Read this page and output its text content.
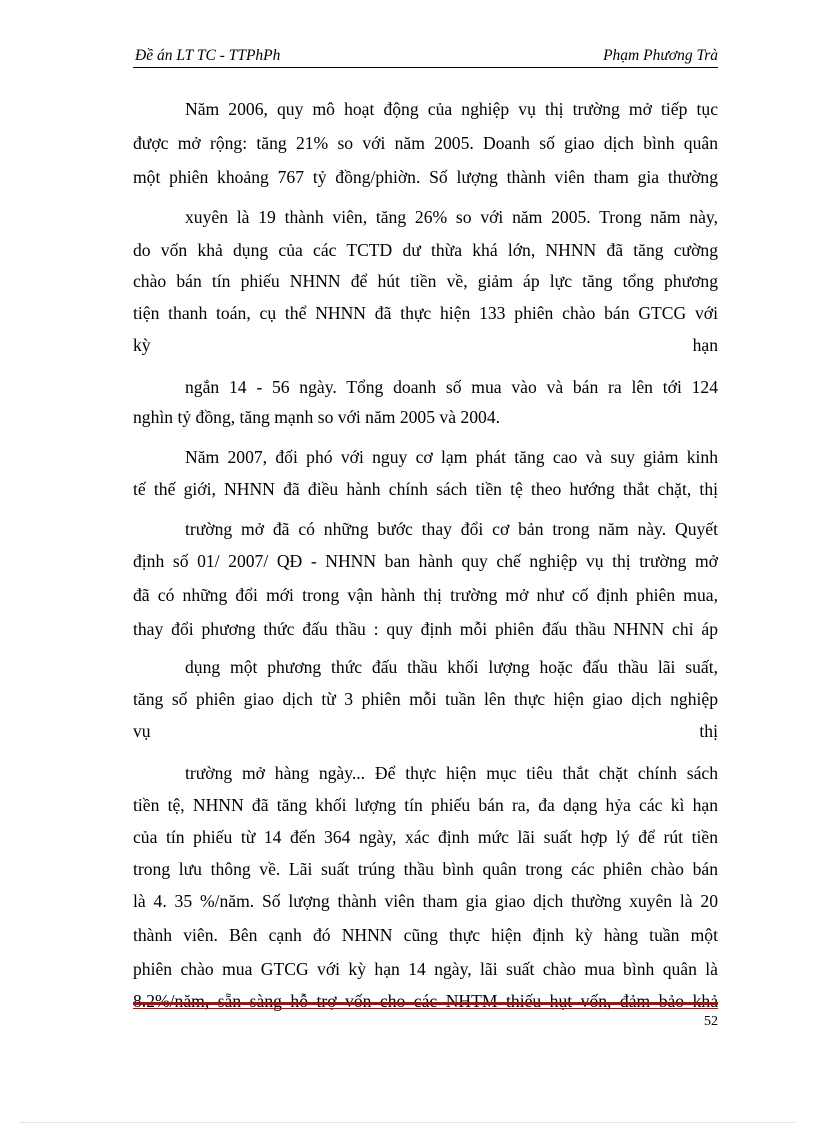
Đề án LT TC - TTPhPh	Phạm Phương Trà
Năm 2006, quy mô hoạt động của nghiệp vụ thị trường mở tiếp tục
được mở rộng: tăng 21% so với năm 2005. Doanh số giao dịch bình quân
một phiên khoảng 767 tỷ đồng/phiờn. Số lượng thành viên tham gia thường
xuyên là 19 thành viên, tăng 26% so với năm 2005. Trong năm này,
do vốn khả dụng của các TCTD dư thừa khá lớn, NHNN đã tăng cường
chào bán tín phiếu NHNN để hút tiền về, giảm áp lực tăng tổng phương
tiện thanh toán, cụ thể NHNN đã thực hiện 133 phiên chào bán GTCG với
kỳ	hạn
ngắn 14 - 56 ngày. Tổng doanh số mua vào và bán ra lên tới 124
nghìn tỷ đồng, tăng mạnh so với năm 2005 và 2004.
Năm 2007, đối phó với nguy cơ lạm phát tăng cao và suy giảm kinh
tế thế giới, NHNN đã điều hành chính sách tiền tệ theo hướng thắt chặt, thị
trường mở đã có những bước thay đổi cơ bản trong năm này. Quyết
định số 01/ 2007/ QĐ - NHNN ban hành quy chế nghiệp vụ thị trường mở
đã có những đổi mới trong vận hành thị trường mở như cố định phiên mua,
thay đổi phương thức đấu thầu : quy định mỗi phiên đấu thầu NHNN chỉ áp
dụng một phương thức đấu thầu khối lượng hoặc đấu thầu lãi suất,
tăng số phiên giao dịch từ 3 phiên mỗi tuần lên thực hiện giao dịch nghiệp
vụ	thị
trường mở hàng ngày... Để thực hiện mục tiêu thắt chặt chính sách
tiền tệ, NHNN đã tăng khối lượng tín phiếu bán ra, đa dạng hỷa các kì hạn
của tín phiếu từ 14 đến 364 ngày, xác định mức lãi suất hợp lý để rút tiền
trong lưu thông về. Lãi suất trúng thầu bình quân trong các phiên chào bán
là 4. 35 %/năm. Số lượng thành viên tham gia giao dịch thường xuyên là 20
thành viên. Bên cạnh đó NHNN cũng thực hiện định kỳ hàng tuần một
phiên chào mua GTCG với kỳ hạn 14 ngày, lãi suất chào mua bình quân là
8.2%/năm, sẵn sàng hỗ trợ vốn cho các NHTM thiếu hụt vốn, đảm bảo khả
52
